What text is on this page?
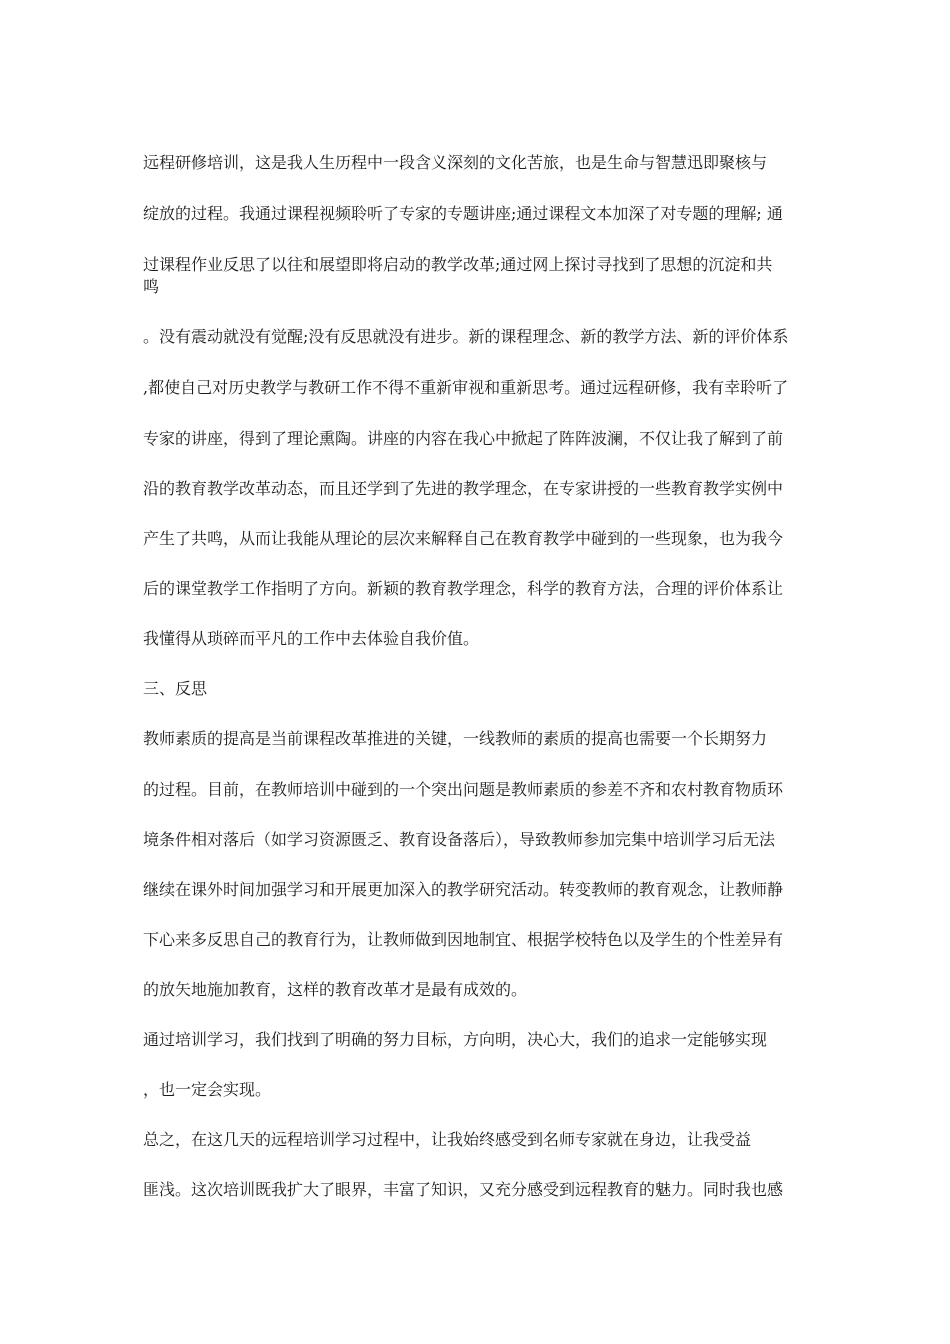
远程研修培训，这是我人生历程中一段含义深刻的文化苦旅，也是生命与智慧迅即聚核与
绽放的过程。我通过课程视频聆听了专家的专题讲座;通过课程文本加深了对专题的理解; 通
过课程作业反思了以往和展望即将启动的教学改革;通过网上探讨寻找到了思想的沉淀和共
鸣
。没有震动就没有觉醒;没有反思就没有进步。新的课程理念、新的教学方法、新的评价体系
,都使自己对历史教学与教研工作不得不重新审视和重新思考。通过远程研修，我有幸聆听了
专家的讲座，得到了理论熏陶。讲座的内容在我心中掀起了阵阵波澜，不仅让我了解到了前
沿的教育教学改革动态，而且还学到了先进的教学理念，在专家讲授的一些教育教学实例中
产生了共鸣，从而让我能从理论的层次来解释自己在教育教学中碰到的一些现象，也为我今
后的课堂教学工作指明了方向。新颖的教育教学理念，科学的教育方法，合理的评价体系让
我懂得从琐碎而平凡的工作中去体验自我价值。
三、反思
教师素质的提高是当前课程改革推进的关键，一线教师的素质的提高也需要一个长期努力
的过程。目前，在教师培训中碰到的一个突出问题是教师素质的参差不齐和农村教育物质环
境条件相对落后（如学习资源匮乏、教育设备落后），导致教师参加完集中培训学习后无法
继续在课外时间加强学习和开展更加深入的教学研究活动。转变教师的教育观念，让教师静
下心来多反思自己的教育行为，让教师做到因地制宜、根据学校特色以及学生的个性差异有
的放矢地施加教育，这样的教育改革才是最有成效的。
通过培训学习，我们找到了明确的努力目标，方向明，决心大，我们的追求一定能够实现
，也一定会实现。
总之，在这几天的远程培训学习过程中，让我始终感受到名师专家就在身边，让我受益
匪浅。这次培训既我扩大了眼界，丰富了知识，又充分感受到远程教育的魅力。同时我也感
